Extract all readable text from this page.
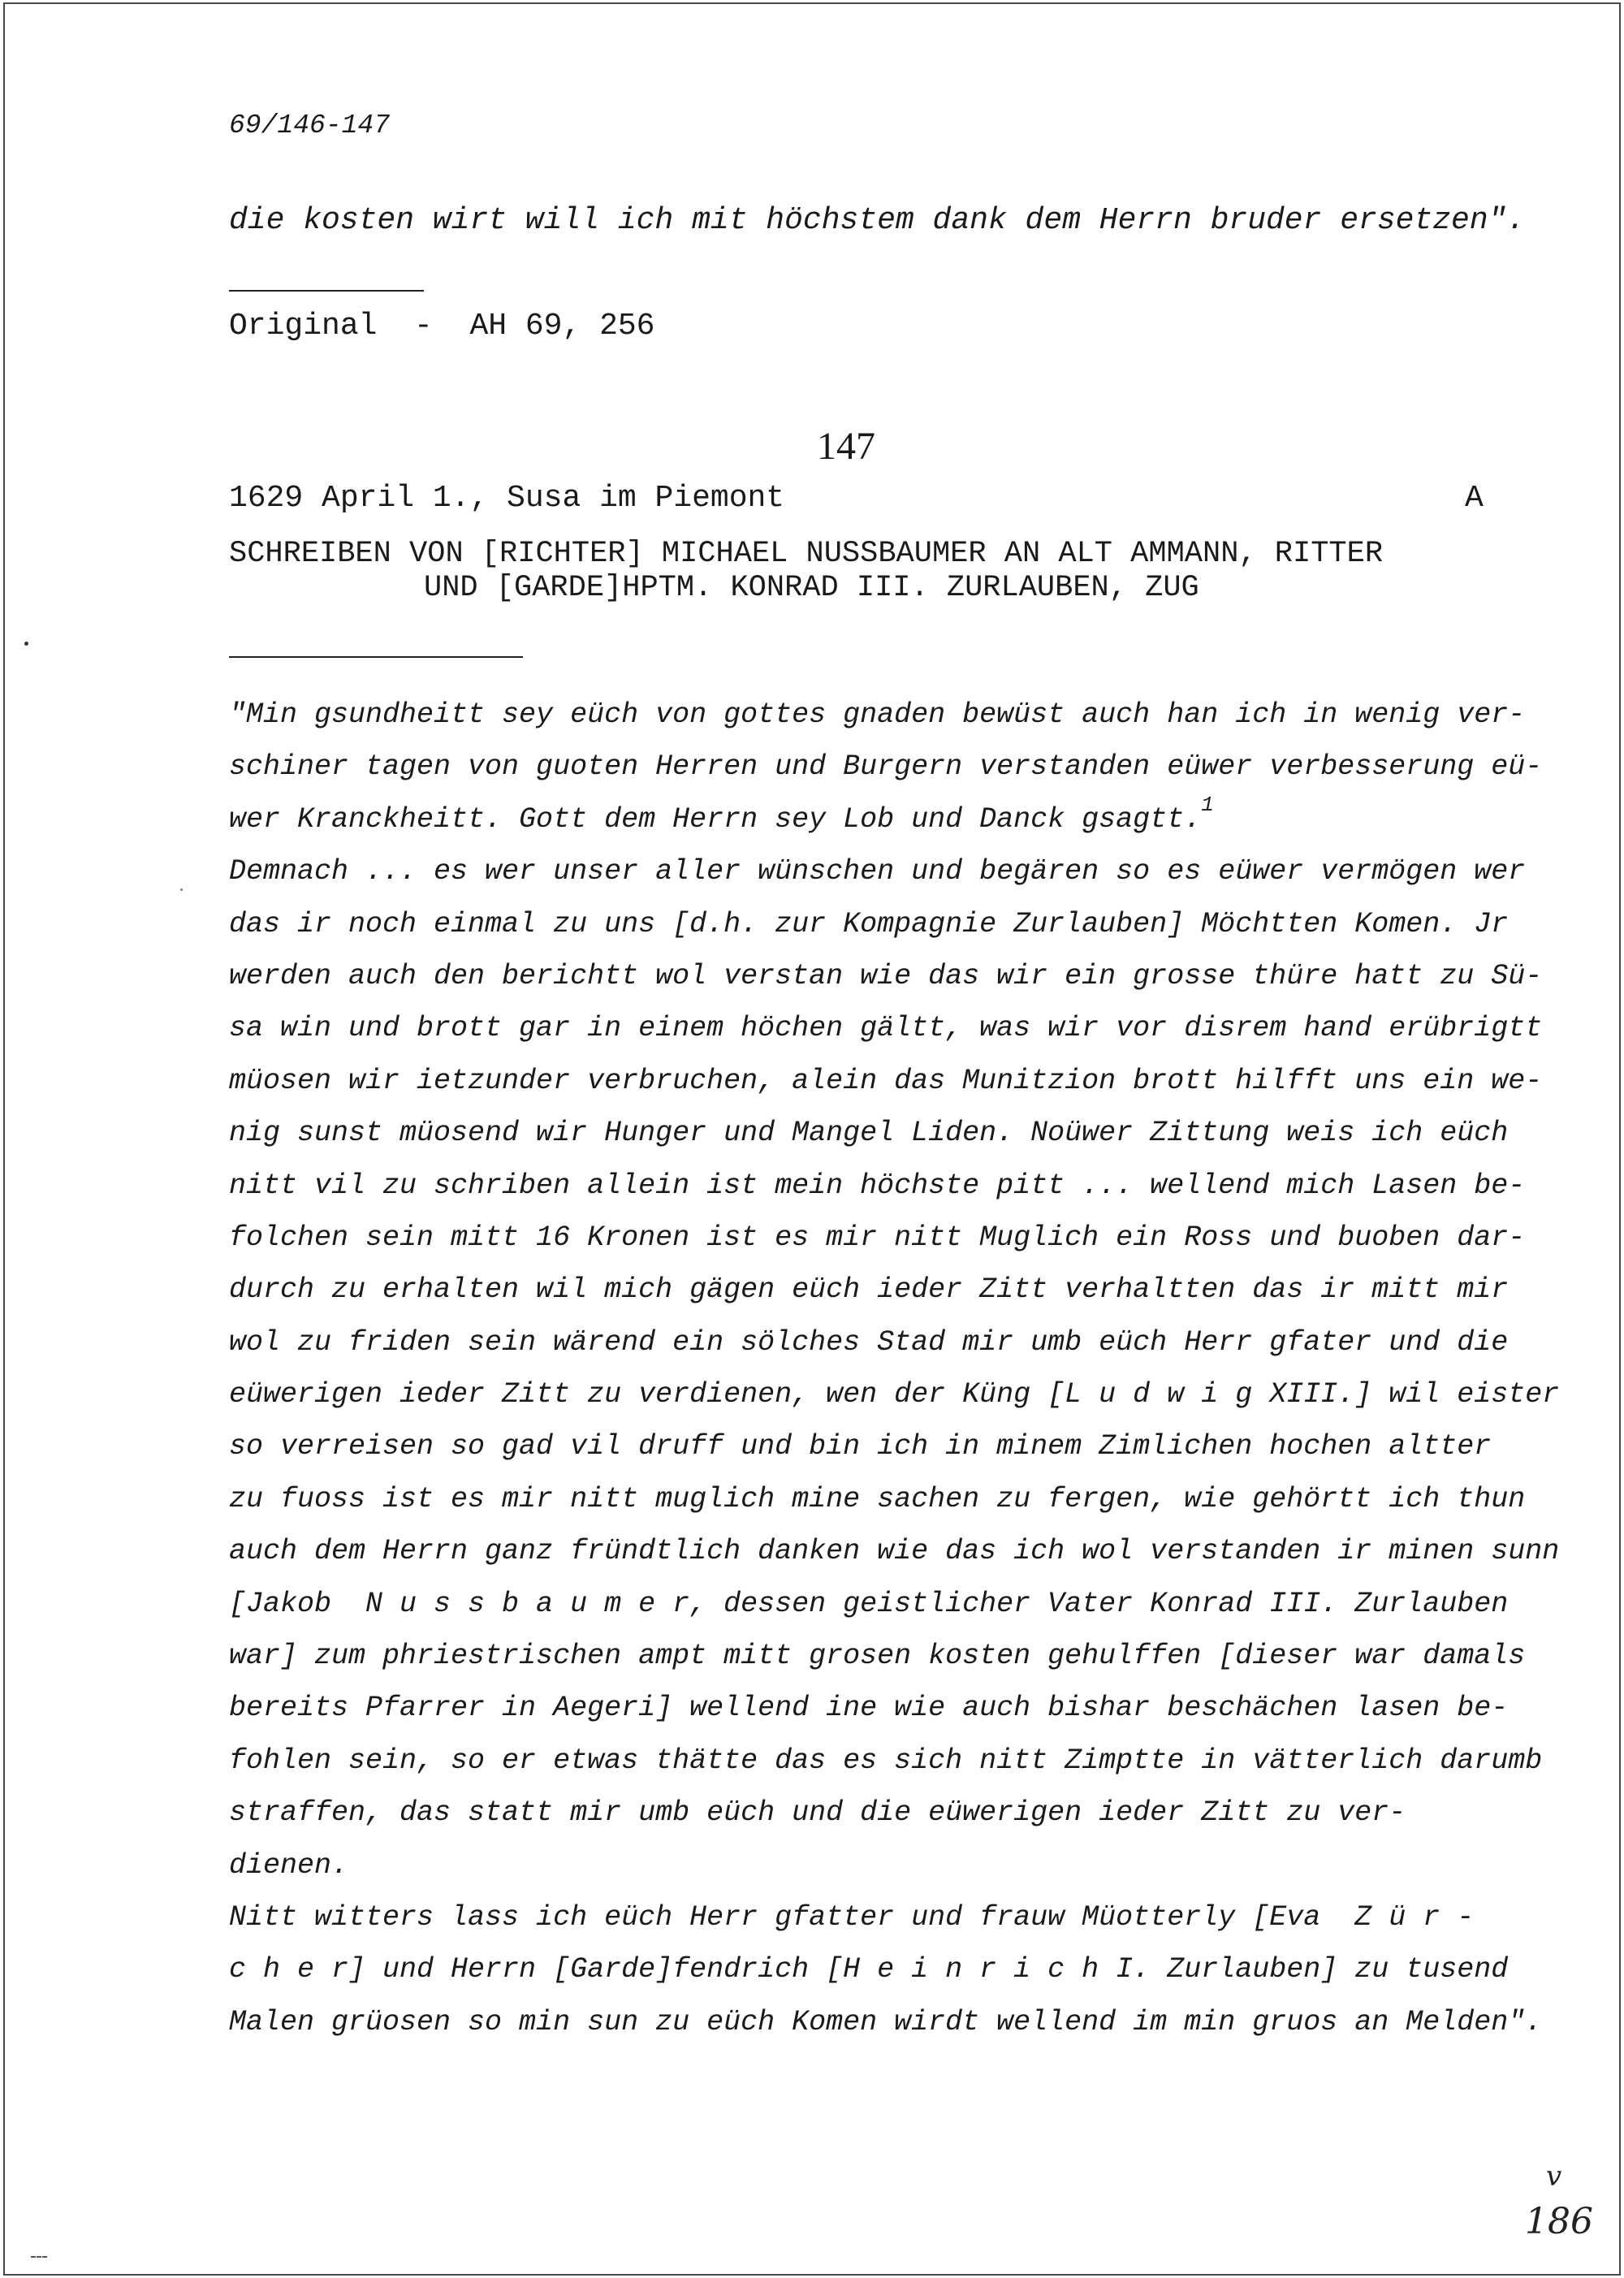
69/146-147
die kosten wirt will ich mit höchstem dank dem Herrn bruder ersetzen".
Original  -  AH 69, 256
147
1629 April 1., Susa im Piemont	A
SCHREIBEN VON [RICHTER] MICHAEL NUSSBAUMER AN ALT AMMANN, RITTER
UND [GARDE]HPTM. KONRAD III. ZURLAUBEN, ZUG
"Min gsundheitt sey eüch von gottes gnaden bewüst auch han ich in wenig ver-
schiner tagen von guoten Herren und Burgern verstanden eüwer verbesserung eü-
wer Kranckheitt. Gott dem Herrn sey Lob und Danck gsagtt.$^1$
Demnach ... es wer unser aller wünschen und begären so es eüwer vermögen wer
das ir noch einmal zu uns [d.h. zur Kompagnie Zurlauben] Möchtten Komen. Jr
werden auch den berichtt wol verstan wie das wir ein grosse thüre hatt zu Sü-
sa win und brott gar in einem höchen gältt, was wir vor disrem hand erübrigtt
müosen wir ietzunder verbruchen, alein das Munitzion brott hilfft uns ein we-
nig sunst müosend wir Hunger und Mangel Liden. Noüwer Zittung weis ich eüch
nitt vil zu schriben allein ist mein höchste pitt ... wellend mich Lasen be-
folchen sein mitt 16 Kronen ist es mir nitt Muglich ein Ross und buoben dar-
durch zu erhalten wil mich gägen eüch ieder Zitt verhaltten das ir mitt mir
wol zu friden sein wärend ein sölches Stad mir umb eüch Herr gfater und die
eüwerigen ieder Zitt zu verdienen, wen der Küng [L u d w i g XIII.] wil eister
so verreisen so gad vil druff und bin ich in minem Zimlichen hochen altter
zu fuoss ist es mir nitt muglich mine sachen zu fergen, wie gehörtt ich thun
auch dem Herrn ganz fründtlich danken wie das ich wol verstanden ir minen sunn
[Jakob  N u s s b a u m e r, dessen geistlicher Vater Konrad III. Zurlauben
war] zum phriestrischen ampt mitt grosen kosten gehulffen [dieser war damals
bereits Pfarrer in Aegeri] wellend ine wie auch bishar beschächen lasen be-
fohlen sein, so er etwas thätte das es sich nitt Zimptte in vätterlich darumb
straffen, das statt mir umb eüch und die eüwerigen ieder Zitt zu ver-
dienen.
Nitt witters lass ich eüch Herr gfatter und frauw Müotterly [Eva  Z ü r -
c h e r] und Herrn [Garde]fendrich [H e i n r i c h I. Zurlauben] zu tusend
Malen grüosen so min sun zu eüch Komen wirdt wellend im min gruos an Melden".
v
186
